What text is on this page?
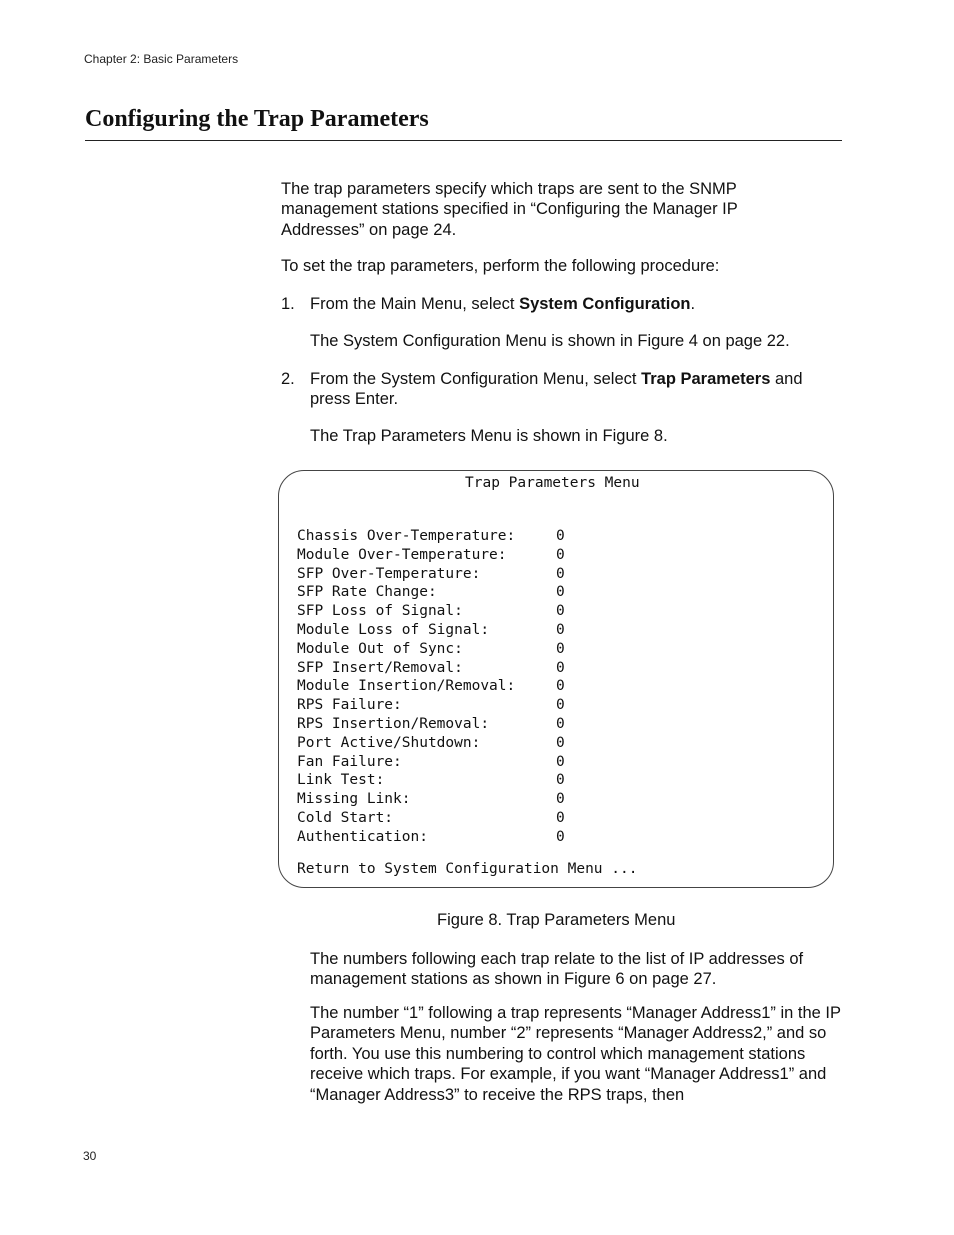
Chapter 2: Basic Parameters
Configuring the Trap Parameters

The trap parameters specify which traps are sent to the SNMP management stations specified in “Configuring the Manager IP Addresses” on page 24.

To set the trap parameters, perform the following procedure:

1. From the Main Menu, select System Configuration.

The System Configuration Menu is shown in Figure 4 on page 22.

2. From the System Configuration Menu, select Trap Parameters and press Enter.

The Trap Parameters Menu is shown in Figure 8.

Trap Parameters Menu
Chassis Over-Temperature:	0
Module Over-Temperature:	0
SFP Over-Temperature:	0
SFP Rate Change:	0
SFP Loss of Signal:	0
Module Loss of Signal:	0
Module Out of Sync:	0
SFP Insert/Removal:	0
Module Insertion/Removal:	0
RPS Failure:	0
RPS Insertion/Removal:	0
Port Active/Shutdown:	0
Fan Failure:	0
Link Test:	0
Missing Link:	0
Cold Start:	0
Authentication:	0
Return to System Configuration Menu ...
Figure 8. Trap Parameters Menu

The numbers following each trap relate to the list of IP addresses of management stations as shown in Figure 6 on page 27.

The number “1” following a trap represents “Manager Address1” in the IP Parameters Menu, number “2” represents “Manager Address2,” and so forth. You use this numbering to control which management stations receive which traps. For example, if you want “Manager Address1” and “Manager Address3” to receive the RPS traps, then

30
